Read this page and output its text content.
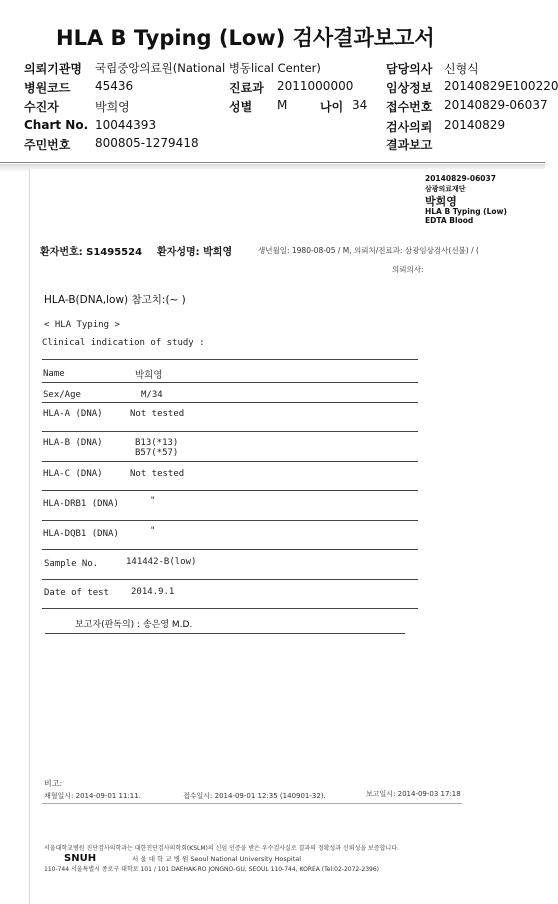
HLA B Typing (Low) 검사결과보고서
의뢰기관명 국립중앙의료원(National 병동lical Center)	담당의사 신형식
병원코드 45436	진료과 2011000000	임상정보 20140829E100220
수진자	박희영	성별 M	나이 34 접수번호 20140829-06037
Chart No. 10044393	검사의뢰 20140829
주민번호 800805-1279418	결과보고
20140829-06037
삼광의료재단
박희영
HLA B Typing (Low)
EDTA Blood
환자번호: S1495524 환자성명: 박희영	생년월일: 1980-08-05 / M, 의뢰처/진료과: 삼광임상검사(선불) / (
의뢰의사:
HLA-B(DNA,low) 참고치:(~ )
< HLA Typing >
Clinical indication of study :
Name	박희영
Sex/Age	M/34
HLA-A (DNA)	Not tested
HLA-B (DNA)	B13(*13)
B57(*57)
HLA-C (DNA)	Not tested
HLA-DRB1 (DNA)	"
HLA-DQB1 (DNA)	"
Sample No.	141442-B(low)
Date of test 2014.9.1
보고자(판독의) : 송은영 M.D.
비고:
채혈일시: 2014-09-01 11:11.	접수일시: 2014-09-01 12:35 (140901-32).	보고일시: 2014-09-03 17:18
서울대학교병원 진단검사의학과는 대한진단검사의학회(KSLM)의 신임 인증을 받은 우수검사실로 결과의 정확성과 신뢰성을 보증합니다.
SNUH	서 울 대 학 교 병 원 Seoul National University Hospital
110-744 서울특별시 종로구 대학로 101 / 101 DAEHAK-RO JONGNO-GU, SEOUL 110-744, KOREA (Tel:02-2072-2396)
